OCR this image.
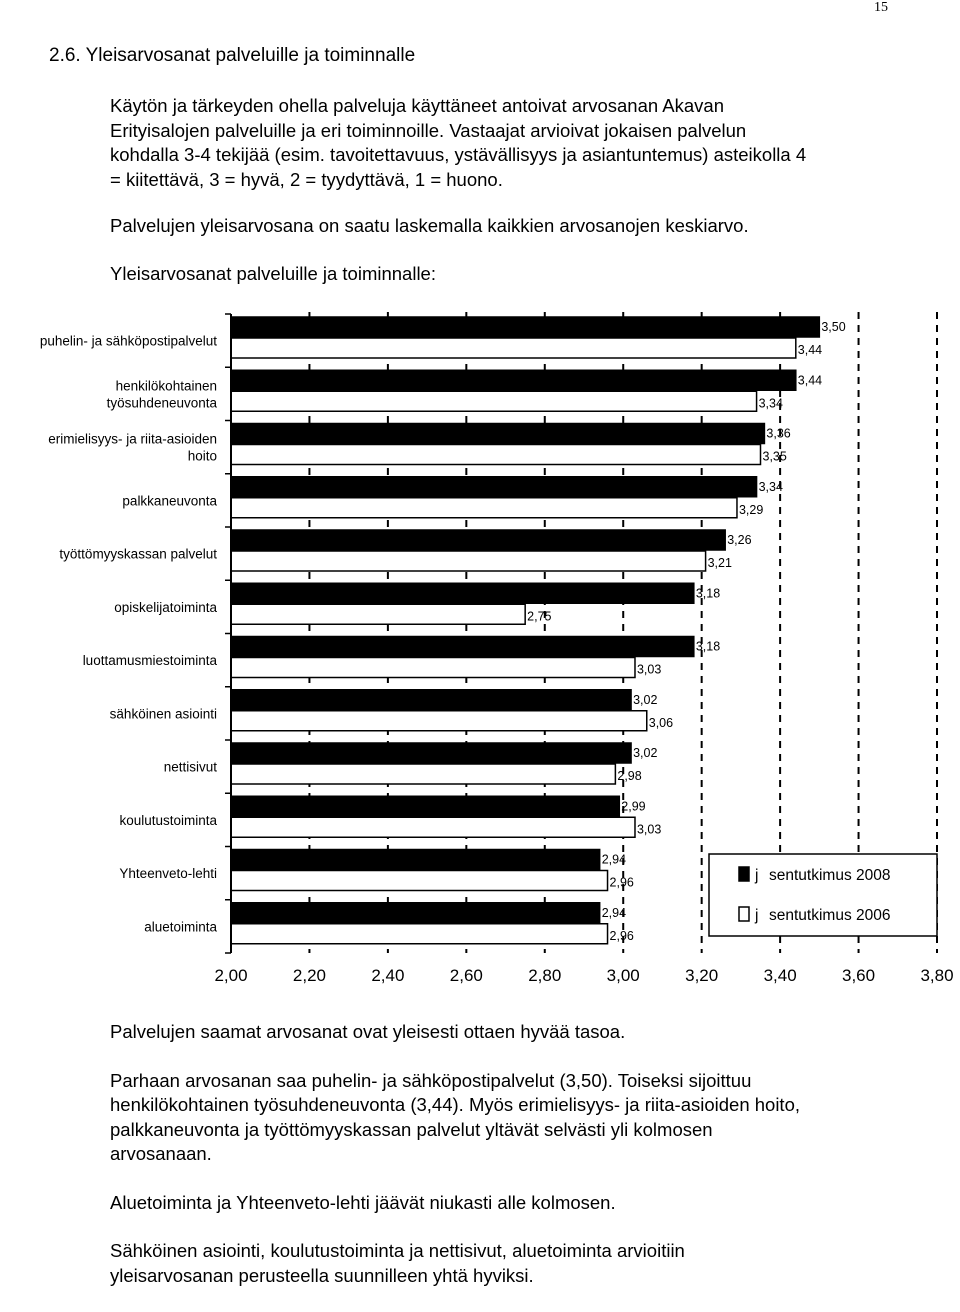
15
2.6. Yleisarvosanat palveluille ja toiminnalle
Käytön ja tärkeyden ohella palveluja käyttäneet antoivat arvosanan Akavan
Erityisalojen palveluille ja eri toiminnoille. Vastaajat arvioivat jokaisen palvelun
kohdalla 3-4 tekijää (esim. tavoitettavuus, ystävällisyys ja asiantuntemus) asteikolla 4
= kiitettävä, 3 = hyvä, 2 = tyydyttävä, 1 = huono.
Palvelujen yleisarvosana on saatu laskemalla kaikkien arvosanojen keskiarvo.
Yleisarvosanat palveluille ja toiminnalle:
3,50
3,44
puhelin- ja sähköpostipalvelut
3,44
3,34
henkilökohtainen
työsuhdeneuvonta
3,36
3,35
erimielisyys- ja riita-asioiden
hoito
3,34
3,29
palkkaneuvonta
3,26
3,21
työttömyyskassan palvelut
3,18
2,75
opiskelijatoiminta
3,18
3,03
luottamusmiestoiminta
3,02
3,06
sähköinen asiointi
3,02
2,98
nettisivut
2,99
3,03
koulutustoiminta
2,94
2,96
Yhteenveto-lehti
2,94
2,96
aluetoiminta
2,00	2,20	2,40	2,60	2,80	3,00	3,20	3,40	3,60	3,80
j sentutkimus 2008
j sentutkimus 2006
Palvelujen saamat arvosanat ovat yleisesti ottaen hyvää tasoa.
Parhaan arvosanan saa puhelin- ja sähköpostipalvelut (3,50). Toiseksi sijoittuu
henkilökohtainen työsuhdeneuvonta (3,44). Myös erimielisyys- ja riita-asioiden hoito,
palkkaneuvonta ja työttömyyskassan palvelut yltävät selvästi yli kolmosen
arvosanaan.
Aluetoiminta ja Yhteenveto-lehti jäävät niukasti alle kolmosen.
Sähköinen asiointi, koulutustoiminta ja nettisivut, aluetoiminta arvioitiin
yleisarvosanan perusteella suunnilleen yhtä hyviksi.
